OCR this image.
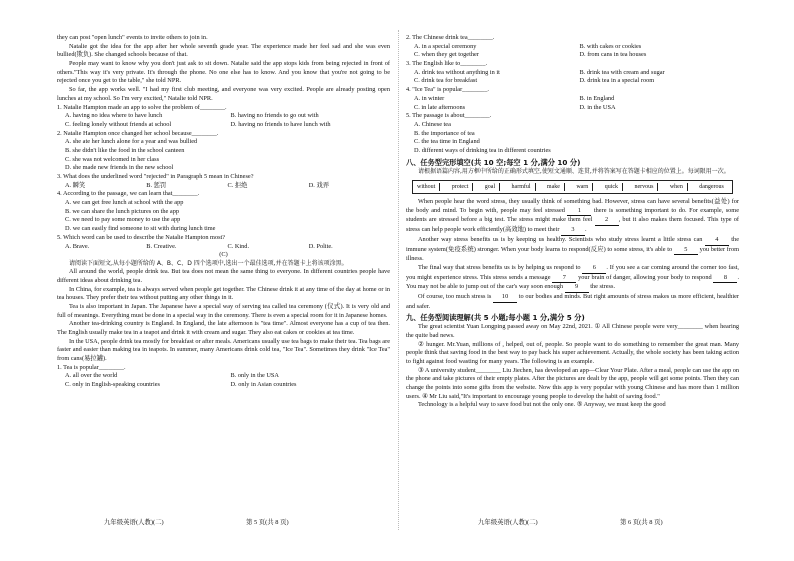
they can post "open lunch" events to invite others to join in.

Natalie got the idea for the app after her whole seventh grade year. The experience made her feel sad and she was even bullied(欺负). She changed schools because of that.

People may want to know why you don't just ask to sit down. Natalie said the app stops kids from being rejected in front of others."This way it's very private. It's through the phone. No one else has to know. And you know that you're not going to be rejected once you get to the table," she told NPR.

So far, the app works well. "I had my first club meeting, and everyone was very excited. People are already posting open lunches at my school. So I'm very excited," Natalie told NPR.

1. Natalie Hampton made an app to solve the problem of________.

A. having no idea where to have lunch	B. having no friends to go out with
C. feeling lonely without friends at school	D. having no friends to have lunch with

2. Natalie Hampton once changed her school because________.

A. she ate her lunch alone for a year and was bullied
B. she didn't like the food in the school canteen
C. she was not welcomed in her class
D. she made new friends in the new school

3. What does the underlined word "rejected" in Paragraph 5 mean in Chinese?

A. 瞬笑	B. 惩罚	C. 拒绝	D. 戏弄

4. According to the passage, we can learn that________.

A. we can get free lunch at school with the app
B. we can share the lunch pictures on the app
C. we need to pay some money to use the app
D. we can easily find someone to sit with during lunch time

5. Which word can be used to describe the Natalie Hampton most?

A. Brave.	B. Creative.	C. Kind.	D. Polite.

(C)

请阅读下面短文,从每小题所给的 A、B、C、D 四个选项中,选出一个最佳选项,并在答题卡上将该项涂黑。

All around the world, people drink tea. But tea does not mean the same thing to everyone. In different countries people have different ideas about drinking tea.

In China, for example, tea is always served when people get together. The Chinese drink it at any time of the day at home or in tea houses. They prefer their tea without putting any other things in it.

Tea is also important in Japan. The Japanese have a special way of serving tea called tea ceremony (仪式). It is very old and full of meanings. Everything must be done in a special way in the ceremony. There is even a special room for it in Japanese homes.

Another tea-drinking country is England. In England, the late afternoon is "tea time". Almost everyone has a cup of tea then. The English usually make tea in a teapot and drink it with cream and sugar. They also eat cakes or cookies at tea time.

In the USA, people drink tea mostly for breakfast or after meals. Americans usually use tea bags to make their tea. Tea bags are faster and easier than making tea in teapots. In summer, many Americans drink cold tea, "Ice Tea". Sometimes they drink "Ice Tea" from cans(易拉罐).

1. Tea is popular________.

A. all over the world	B. only in the USA
C. only in English-speaking countries	D. only in Asian countries
九年级英语(人教)(二)	第 5 页(共 8 页)

2. The Chinese drink tea________.

A. in a special ceremony	B. with cakes or cookies
C. when they get together	D. from cans in tea houses

3. The English like to________.

A. drink tea without anything in it	B. drink tea with cream and sugar
C. drink tea for breakfast	D. drink tea in a special room

4. "Ice Tea" is popular________.

A. in winter	B. in England
C. in late afternoons	D. in the USA

5. The passage is about________.

A. Chinese tea
B. the importance of tea
C. the tea time in England
D. different ways of drinking tea in different countries

八、任务型完形填空(共 10 空;每空 1 分,满分 10 分)

请根据语篇内容,用方框中所给的正确形式填空,使短文通顺、连贯,并将答案写在答题卡相应的位置上。每词限用一次。

without	protect	goal	harmful	make	warn	quick	nervous	when	dangerous

When people hear the word stress, they usually think of something bad. However, stress can have several benefits(益处) for the body and mind. To begin with, people may feel stressed 1 there is something important to do. For example, some students are stressed before a big test. The stress might make them feel 2 , but it also makes them focused. This type of stress can help people work efficiently(高效地) to meet their 3 .

Another way stress benefits us is by keeping us healthy. Scientists who study stress learnt a little stress can 4 the immune system(免疫系统) stronger. When your body learns to respond(反应) to some stress, it's able to 5 you better from illness.

The final way that stress benefits us is by helping us respond to 6 . If you see a car coming around the corner too fast, you might experience stress. This stress sends a message 7 your brain of danger, allowing your body to respond 8 . You may not be able to jump out of the car's way soon enough 9 the stress.

Of course, too much stress is 10 to our bodies and minds. But right amounts of stress makes us more efficient, healthier and safer.

九、任务型阅读理解(共 5 小题;每小题 1 分,满分 5 分)

The great scientist Yuan Longping passed away on May 22nd, 2021. ① All Chinese people were very________ when hearing the quite bad news.

② hunger. Mr.Yuan, millions of , helped, out of, people. So people want to do something to remember the great man. Many people think that saving food in the best way to pay back his super achievement. Actually, the whole society has been taking action to fight against food wasting for many years. The following is an example.

③ A university student________ Liu Jiechen, has developed an app—Clear Your Plate. After a meal, people can use the app on the phone and take pictures of their empty plates. After the pictures are dealt by the app, people will get some points. Then they can change the points into some gifts from the website. Now this app is very popular with young Chinese and has more than 1 million users. ④ Mr Liu said,"It's important to encourage young people to develop the habit of saving food."

Technology is a helpful way to save food but not the only one. ⑤ Anyway, we must keep the good

九年级英语(人教)(二)	第 6 页(共 8 页)
